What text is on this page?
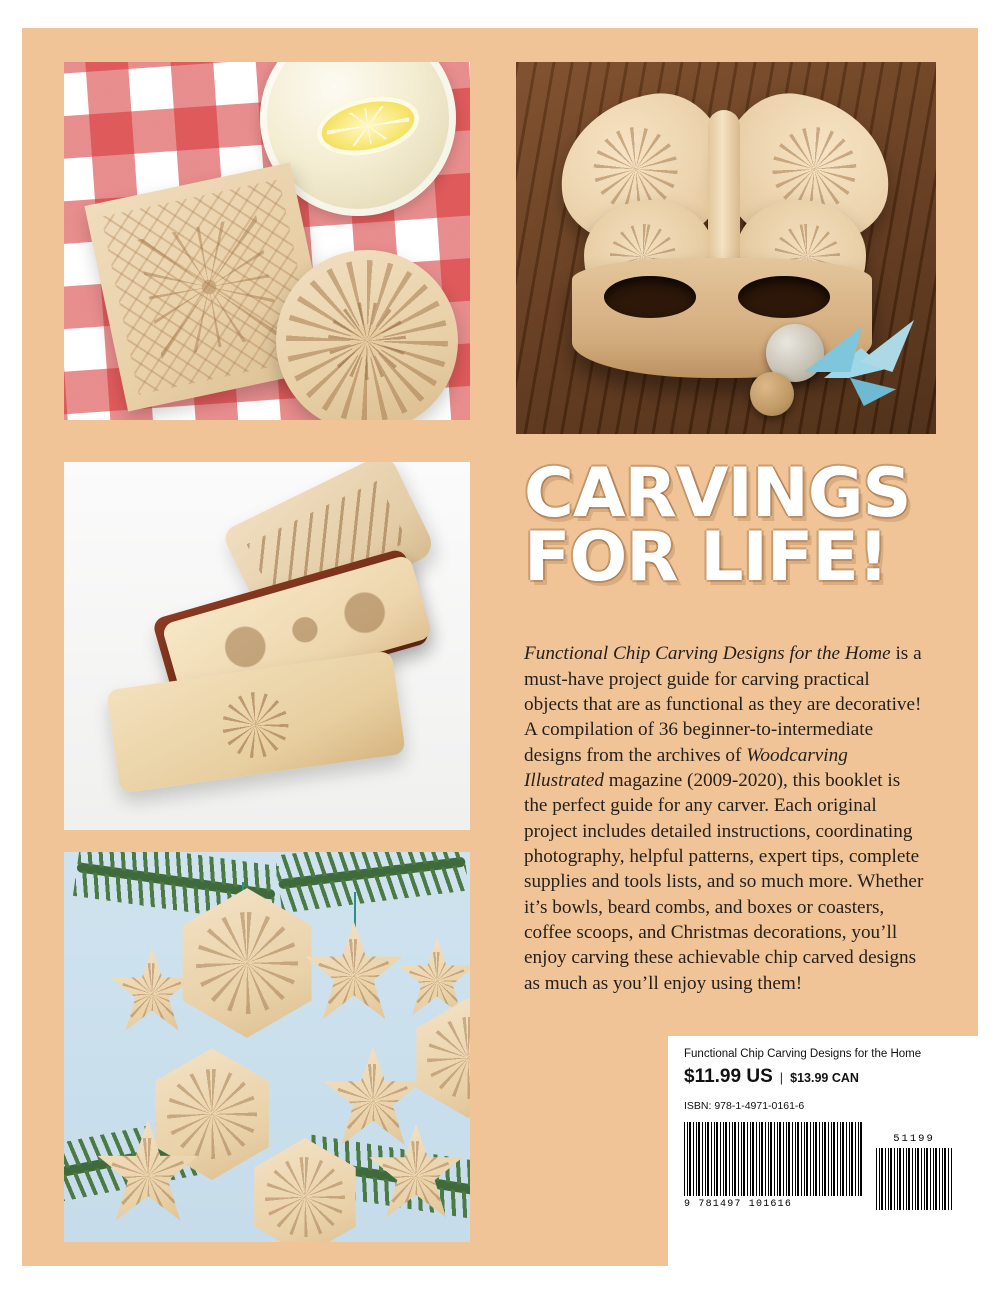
CARVINGS
FOR LIFE!

Functional Chip Carving Designs for the Home is a must-have project guide for carving practical objects that are as functional as they are decorative! A compilation of 36 beginner-to-intermediate designs from the archives of Woodcarving Illustrated magazine (2009-2020), this booklet is the perfect guide for any carver. Each original project includes detailed instructions, coordinating photography, helpful patterns, expert tips, complete supplies and tools lists, and so much more. Whether it’s bowls, beard combs, and boxes or coasters, coffee scoops, and Christmas decorations, you’ll enjoy carving these achievable chip carved designs as much as you’ll enjoy using them!

Functional Chip Carving Designs for the Home
$11.99 US | $13.99 CAN
ISBN: 978-1-4971-0161-6
9 781497 101616
51199
